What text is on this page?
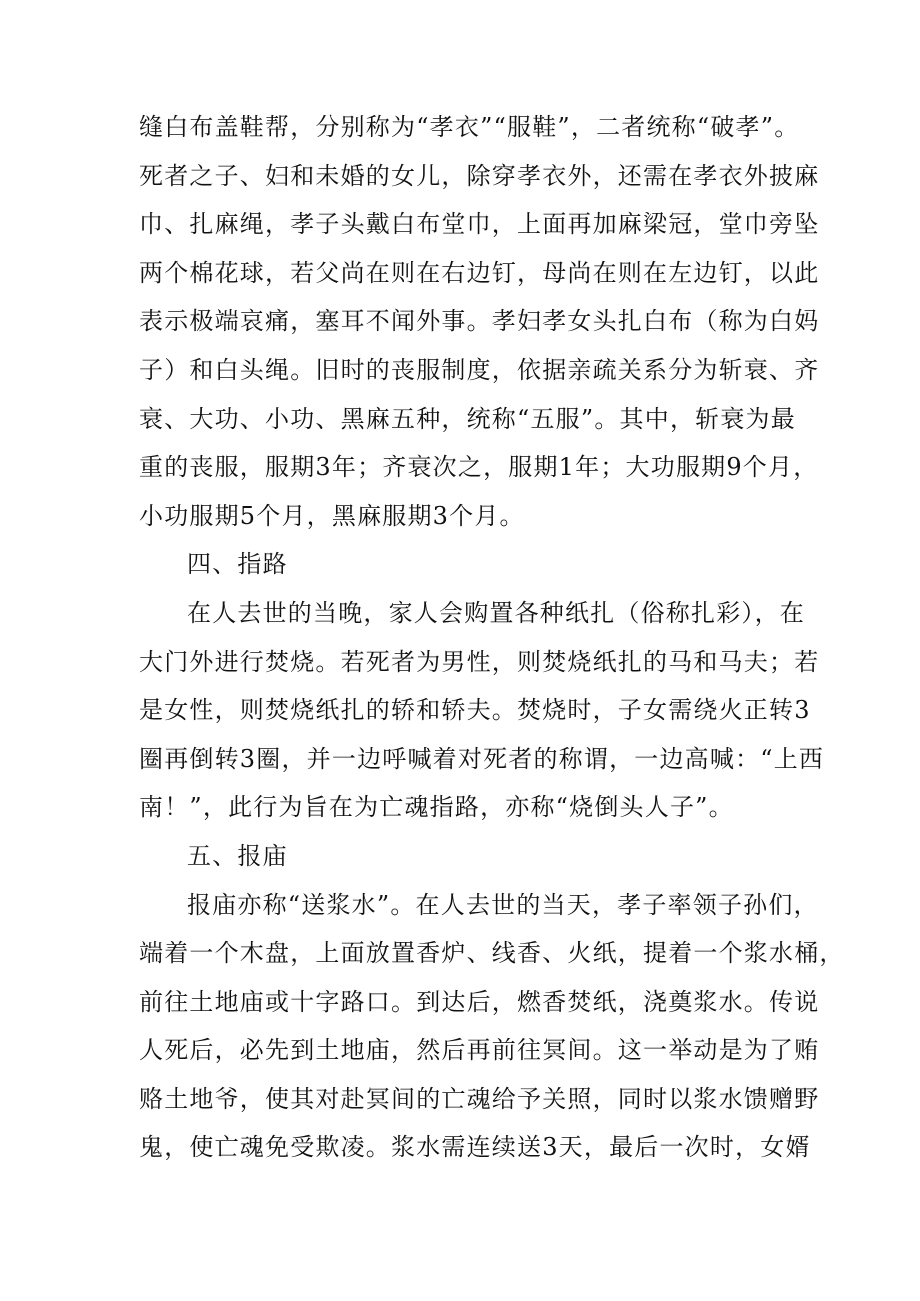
缝白布盖鞋帮，分别称为“孝衣”“服鞋”，二者统称“破孝”。
死者之子、妇和未婚的女儿，除穿孝衣外，还需在孝衣外披麻
巾、扎麻绳，孝子头戴白布堂巾，上面再加麻梁冠，堂巾旁坠
两个棉花球，若父尚在则在右边钉，母尚在则在左边钉，以此
表示极端哀痛，塞耳不闻外事。孝妇孝女头扎白布（称为白妈
子）和白头绳。旧时的丧服制度，依据亲疏关系分为斩衰、齐
衰、大功、小功、黑麻五种，统称“五服”。其中，斩衰为最
重的丧服，服期3年；齐衰次之，服期1年；大功服期9个月，
小功服期5个月，黑麻服期3个月。
四、指路
在人去世的当晚，家人会购置各种纸扎（俗称扎彩），在
大门外进行焚烧。若死者为男性，则焚烧纸扎的马和马夫；若
是女性，则焚烧纸扎的轿和轿夫。焚烧时，子女需绕火正转3
圈再倒转3圈，并一边呼喊着对死者的称谓，一边高喊：“上西
南！”，此行为旨在为亡魂指路，亦称“烧倒头人子”。
五、报庙
报庙亦称“送浆水”。在人去世的当天，孝子率领子孙们，
端着一个木盘，上面放置香炉、线香、火纸，提着一个浆水桶，
前往土地庙或十字路口。到达后，燃香焚纸，浇奠浆水。传说
人死后，必先到土地庙，然后再前往冥间。这一举动是为了贿
赂土地爷，使其对赴冥间的亡魂给予关照，同时以浆水馈赠野
鬼，使亡魂免受欺凌。浆水需连续送3天，最后一次时，女婿
